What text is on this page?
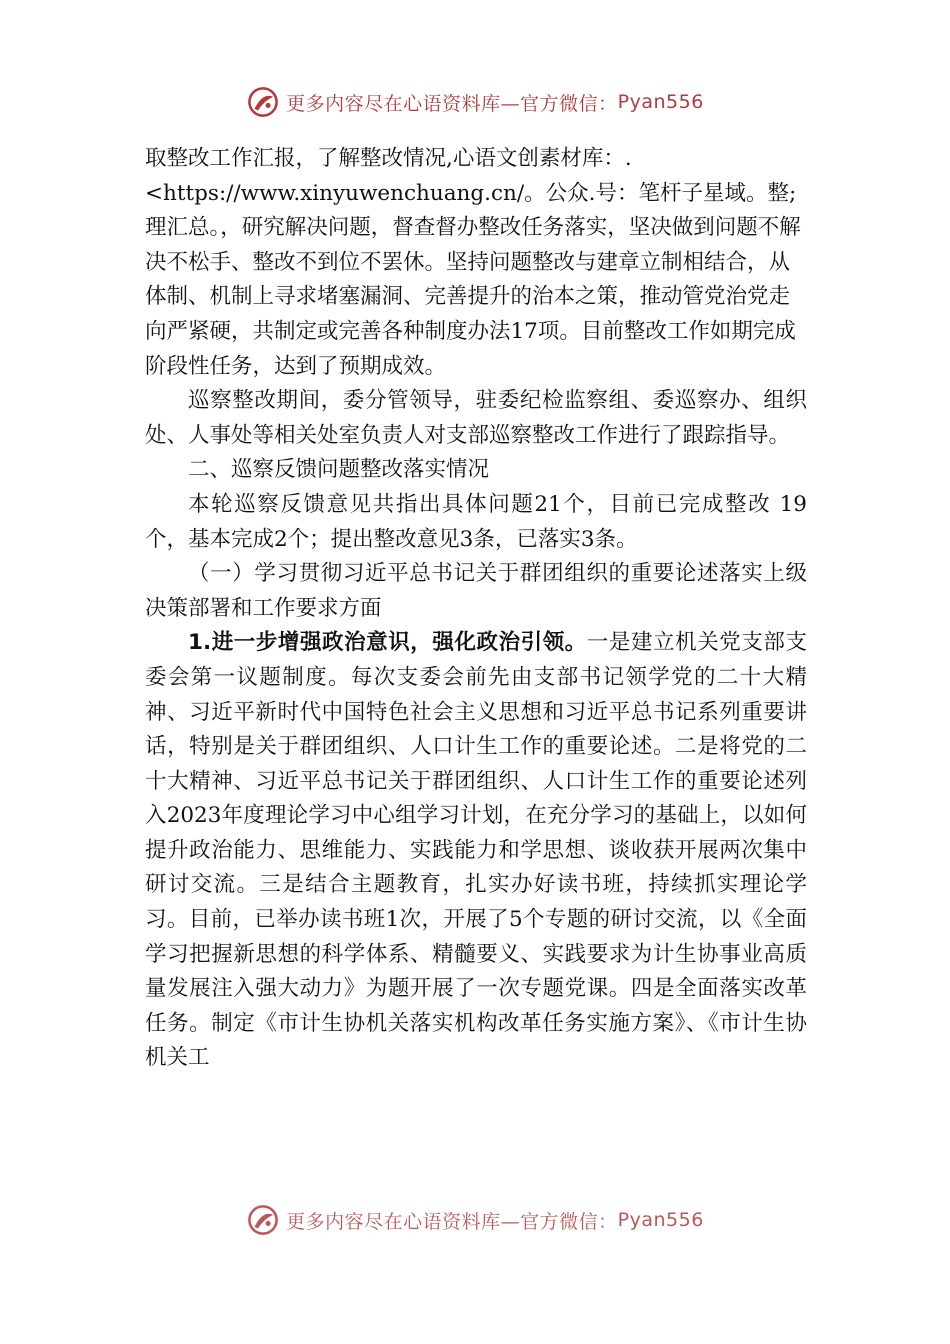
更多内容尽在心语资料库—官方微信： Pyan556

取整改工作汇报，了解整改情况,心语文创素材库：.<https://www.xinyuwenchuang.cn/。公众.号：笔杆子星域。整;理汇总。，研究解决问题，督查督办整改任务落实，坚决做到问题不解决不松手、整改不到位不罢休。坚持问题整改与建章立制相结合，从体制、机制上寻求堵塞漏洞、完善提升的治本之策，推动管党治党走向严紧硬，共制定或完善各种制度办法17项。目前整改工作如期完成阶段性任务，达到了预期成效。

巡察整改期间，委分管领导，驻委纪检监察组、委巡察办、组织处、人事处等相关处室负责人对支部巡察整改工作进行了跟踪指导。

二、巡察反馈问题整改落实情况

本轮巡察反馈意见共指出具体问题21个，目前已完成整改 19个，基本完成2个；提出整改意见3条，已落实3条。

（一）学习贯彻习近平总书记关于群团组织的重要论述落实上级决策部署和工作要求方面

1.进一步增强政治意识，强化政治引领。一是建立机关党支部支委会第一议题制度。每次支委会前先由支部书记领学党的二十大精神、习近平新时代中国特色社会主义思想和习近平总书记系列重要讲话，特别是关于群团组织、人口计生工作的重要论述。二是将党的二十大精神、习近平总书记关于群团组织、人口计生工作的重要论述列入2023年度理论学习中心组学习计划，在充分学习的基础上，以如何提升政治能力、思维能力、实践能力和学思想、谈收获开展两次集中研讨交流。三是结合主题教育，扎实办好读书班，持续抓实理论学习。目前，已举办读书班1次，开展了5个专题的研讨交流，以《全面学习把握新思想的科学体系、精髓要义、实践要求为计生协事业高质量发展注入强大动力》为题开展了一次专题党课。四是全面落实改革任务。制定《市计生协机关落实机构改革任务实施方案》、《市计生协机关工

更多内容尽在心语资料库—官方微信： Pyan556
